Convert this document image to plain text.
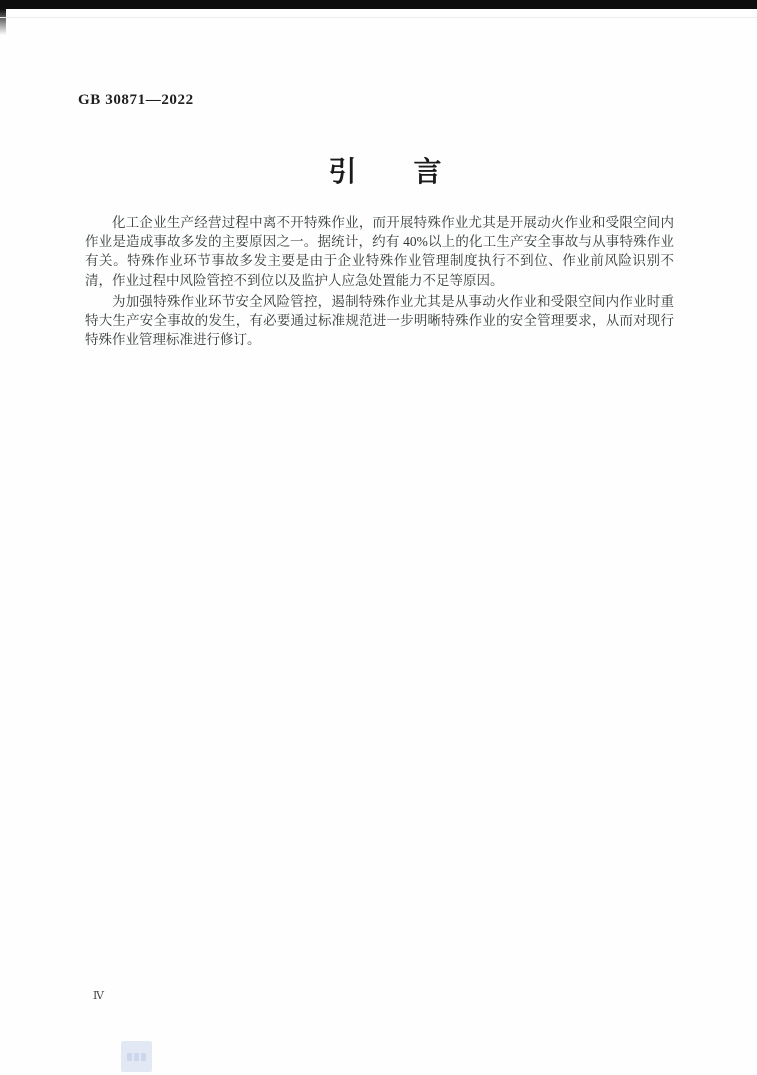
GB 30871—2022
引 言

化工企业生产经营过程中离不开特殊作业，而开展特殊作业尤其是开展动火作业和受限空间内作业是造成事故多发的主要原因之一。据统计，约有 40%以上的化工生产安全事故与从事特殊作业有关。特殊作业环节事故多发主要是由于企业特殊作业管理制度执行不到位、作业前风险识别不清，作业过程中风险管控不到位以及监护人应急处置能力不足等原因。

为加强特殊作业环节安全风险管控，遏制特殊作业尤其是从事动火作业和受限空间内作业时重特大生产安全事故的发生，有必要通过标准规范进一步明晰特殊作业的安全管理要求，从而对现行特殊作业管理标准进行修订。

Ⅳ
